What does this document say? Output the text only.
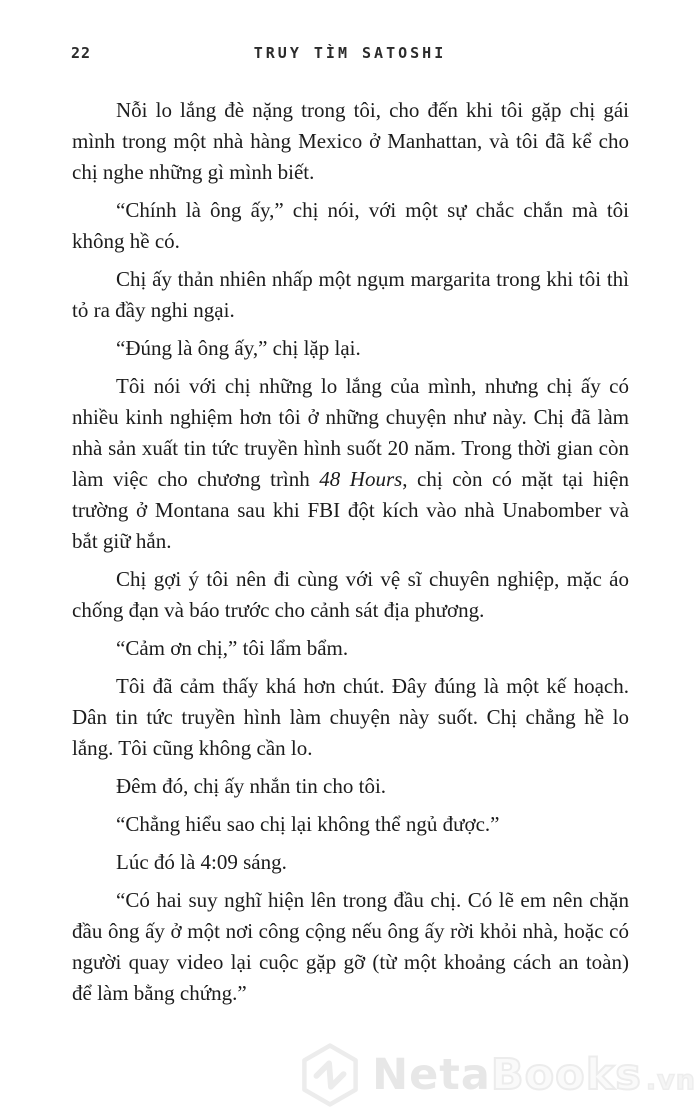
22	TRUY TÌM SATOSHI

Nỗi lo lắng đè nặng trong tôi, cho đến khi tôi gặp chị gái mình trong một nhà hàng Mexico ở Manhattan, và tôi đã kể cho chị nghe những gì mình biết.

“Chính là ông ấy,” chị nói, với một sự chắc chắn mà tôi không hề có.

Chị ấy thản nhiên nhấp một ngụm margarita trong khi tôi thì tỏ ra đầy nghi ngại.

“Đúng là ông ấy,” chị lặp lại.

Tôi nói với chị những lo lắng của mình, nhưng chị ấy có nhiều kinh nghiệm hơn tôi ở những chuyện như này. Chị đã làm nhà sản xuất tin tức truyền hình suốt 20 năm. Trong thời gian còn làm việc cho chương trình 48 Hours, chị còn có mặt tại hiện trường ở Montana sau khi FBI đột kích vào nhà Unabomber và bắt giữ hắn.

Chị gợi ý tôi nên đi cùng với vệ sĩ chuyên nghiệp, mặc áo chống đạn và báo trước cho cảnh sát địa phương.

“Cảm ơn chị,” tôi lẩm bẩm.

Tôi đã cảm thấy khá hơn chút. Đây đúng là một kế hoạch. Dân tin tức truyền hình làm chuyện này suốt. Chị chẳng hề lo lắng. Tôi cũng không cần lo.

Đêm đó, chị ấy nhắn tin cho tôi.

“Chẳng hiểu sao chị lại không thể ngủ được.”

Lúc đó là 4:09 sáng.

“Có hai suy nghĩ hiện lên trong đầu chị. Có lẽ em nên chặn đầu ông ấy ở một nơi công cộng nếu ông ấy rời khỏi nhà, hoặc có người quay video lại cuộc gặp gỡ (từ một khoảng cách an toàn) để làm bằng chứng.”

NetaBooks .vn
